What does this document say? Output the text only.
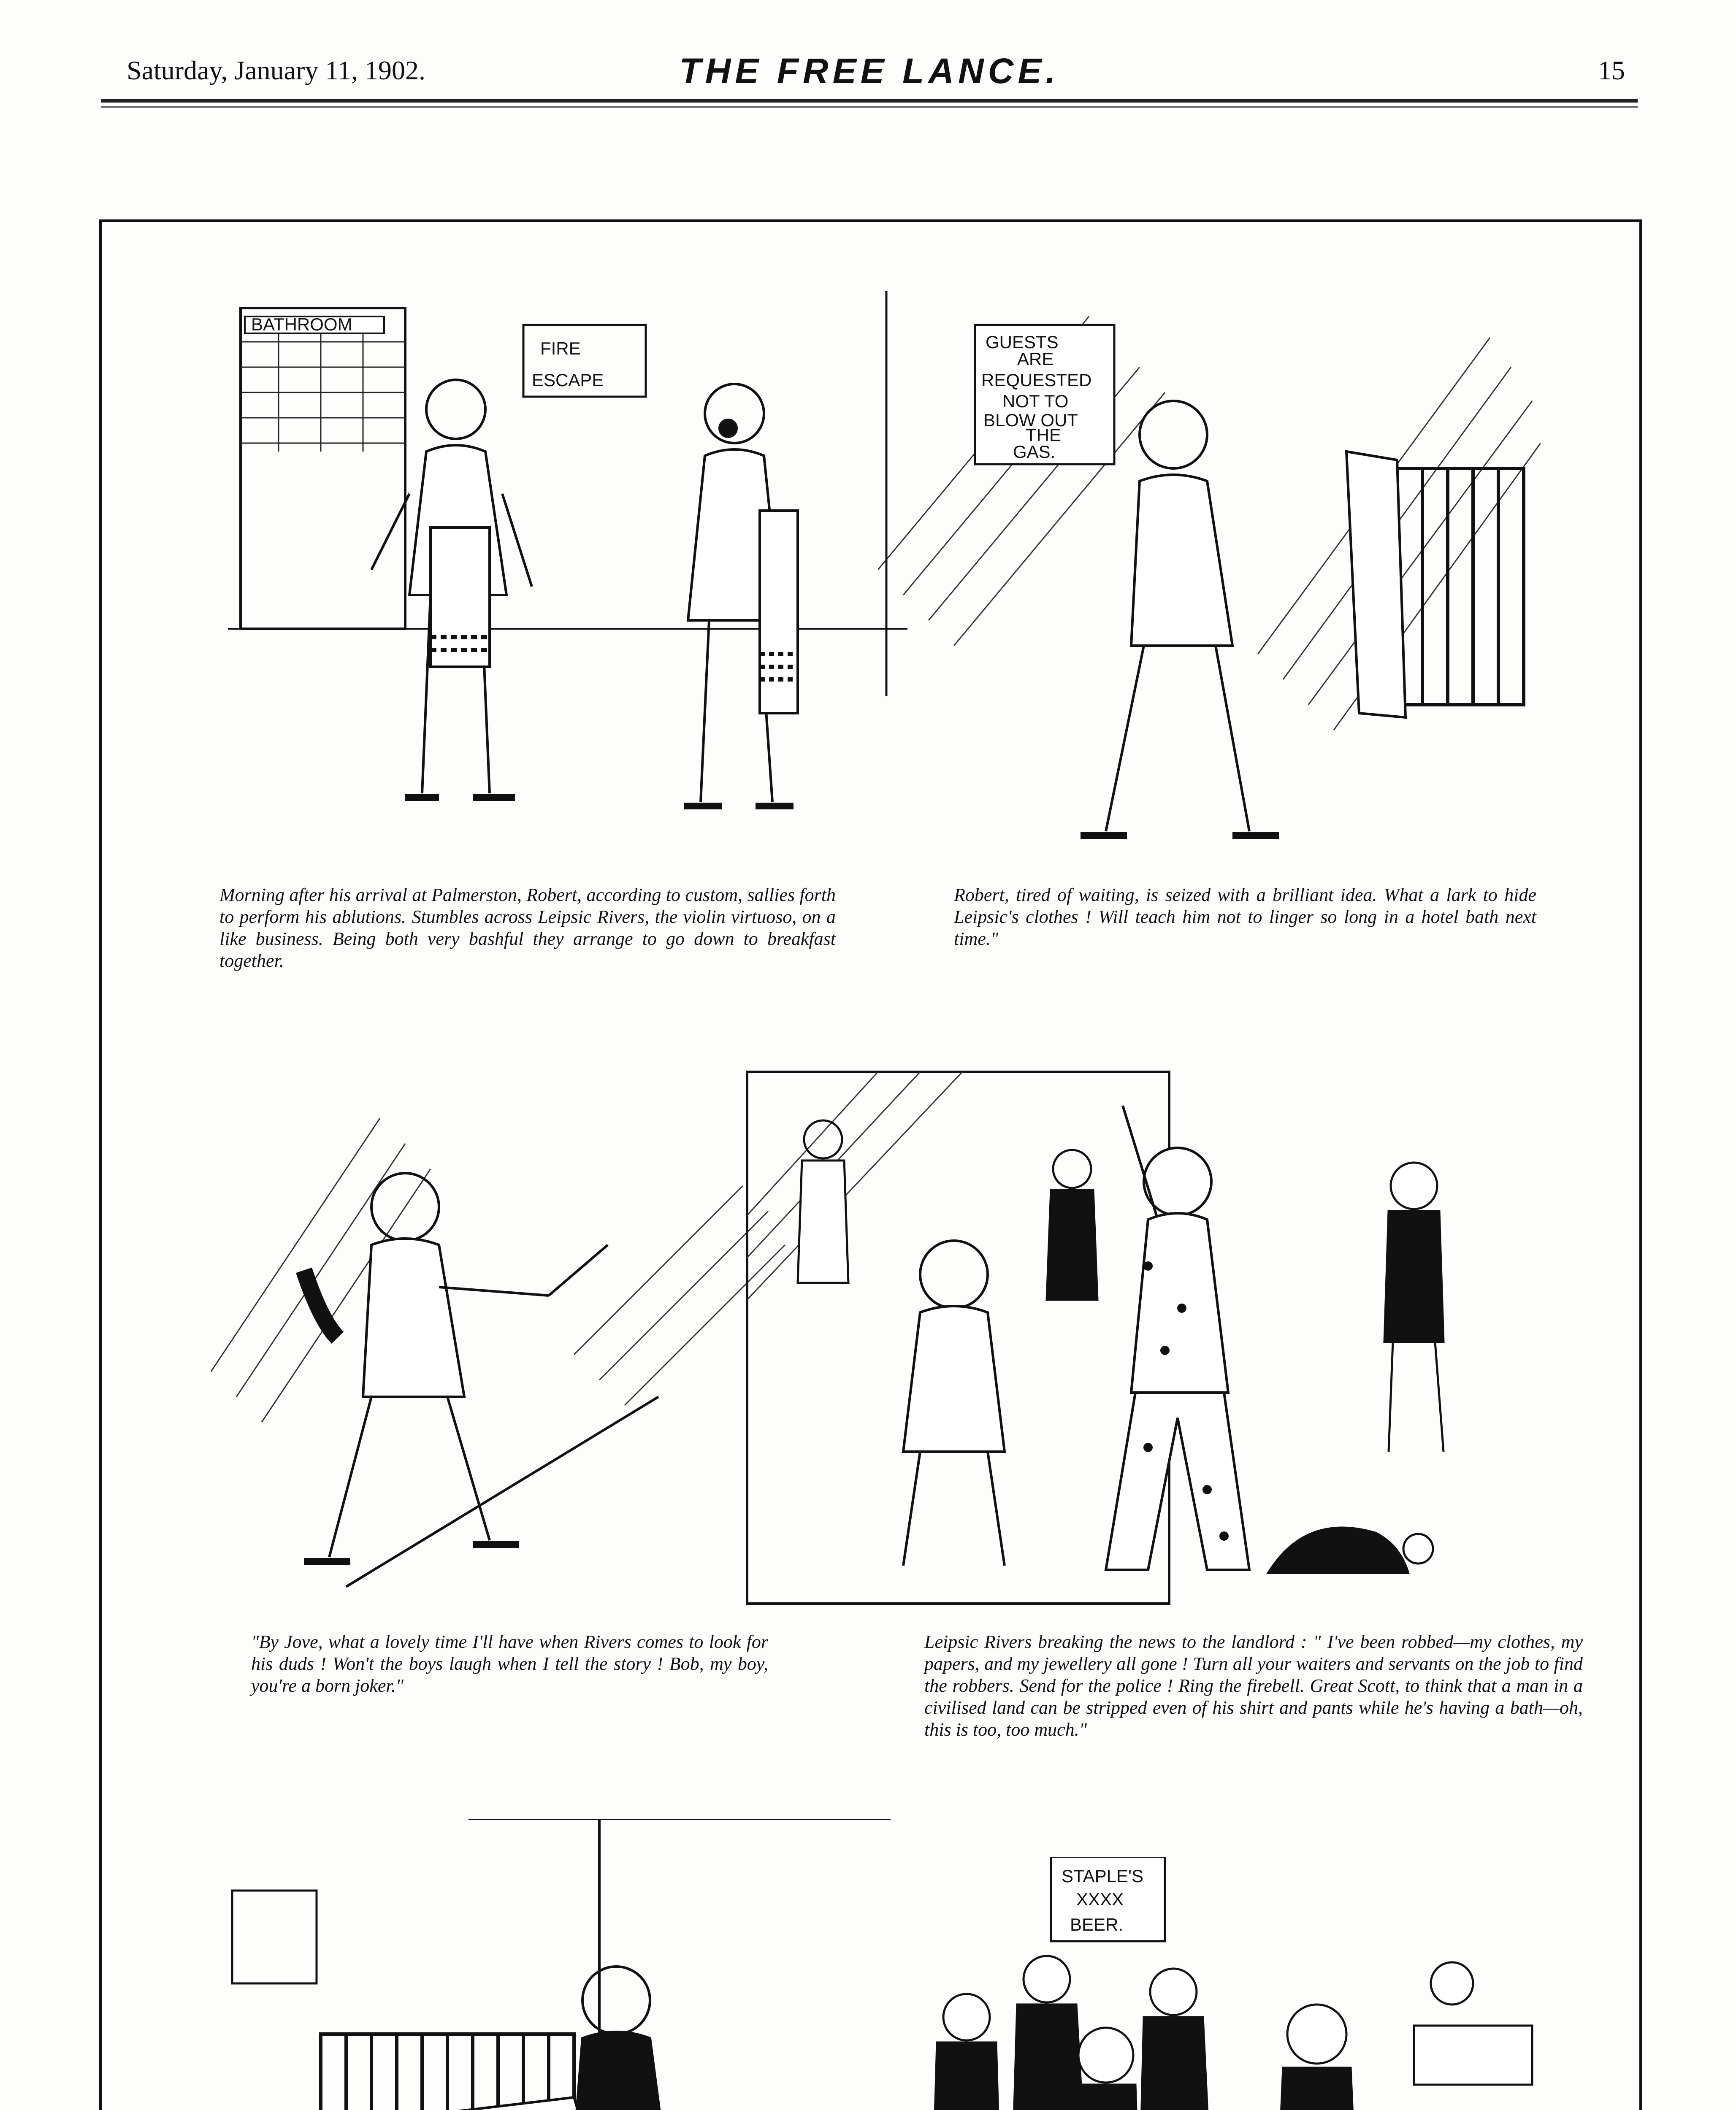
Saturday, January 11, 1902.	THE FREE LANCE.	15
BATHROOM
FIRE
ESCAPE
Morning after his arrival at Palmerston, Robert, according to custom, sallies forth to perform his ablutions. Stumbles across Leipsic Rivers, the violin virtuoso, on a like business. Being both very bashful they arrange to go down to breakfast together.
GUESTS
ARE
REQUESTED
NOT TO
BLOW OUT
THE
GAS.
Robert, tired of waiting, is seized with a brilliant idea. What a lark to hide Leipsic's clothes ! Will teach him not to linger so long in a hotel bath next time."
"By Jove, what a lovely time I'll have when Rivers comes to look for his duds ! Won't the boys laugh when I tell the story ! Bob, my boy, you're a born joker."
Leipsic Rivers breaking the news to the landlord : " I've been robbed—my clothes, my papers, and my jewellery all gone ! Turn all your waiters and servants on the job to find the robbers. Send for the police ! Ring the firebell. Great Scott, to think that a man in a civilised land can be stripped even of his shirt and pants while he's having a bath—oh, this is too, too much."
STAPLE'S
XXXX
BEER.
